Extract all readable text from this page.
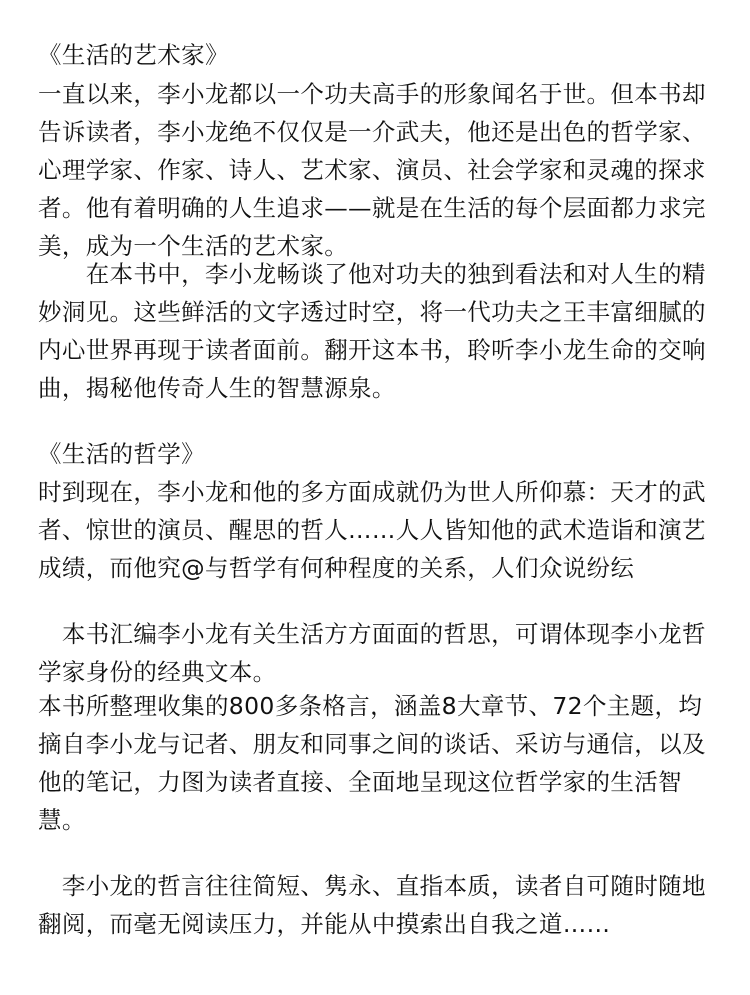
《生活的艺术家》
一直以来，李小龙都以一个功夫高手的形象闻名于世。但本书却
告诉读者，李小龙绝不仅仅是一介武夫，他还是出色的哲学家、
心理学家、作家、诗人、艺术家、演员、社会学家和灵魂的探求
者。他有着明确的人生追求——就是在生活的每个层面都力求完
美，成为一个生活的艺术家。
　　在本书中，李小龙畅谈了他对功夫的独到看法和对人生的精
妙洞见。这些鲜活的文字透过时空，将一代功夫之王丰富细腻的
内心世界再现于读者面前。翻开这本书，聆听李小龙生命的交响
曲，揭秘他传奇人生的智慧源泉。
《生活的哲学》
时到现在，李小龙和他的多方面成就仍为世人所仰慕：天才的武
者、惊世的演员、醒思的哲人……人人皆知他的武术造诣和演艺
成绩，而他究@与哲学有何种程度的关系，人们众说纷纭
　本书汇编李小龙有关生活方方面面的哲思，可谓体现李小龙哲
学家身份的经典文本。
本书所整理收集的800多条格言，涵盖8大章节、72个主题，均
摘自李小龙与记者、朋友和同事之间的谈话、采访与通信，以及
他的笔记，力图为读者直接、全面地呈现这位哲学家的生活智
慧。
　李小龙的哲言往往简短、隽永、直指本质，读者自可随时随地
翻阅，而毫无阅读压力，并能从中摸索出自我之道……
